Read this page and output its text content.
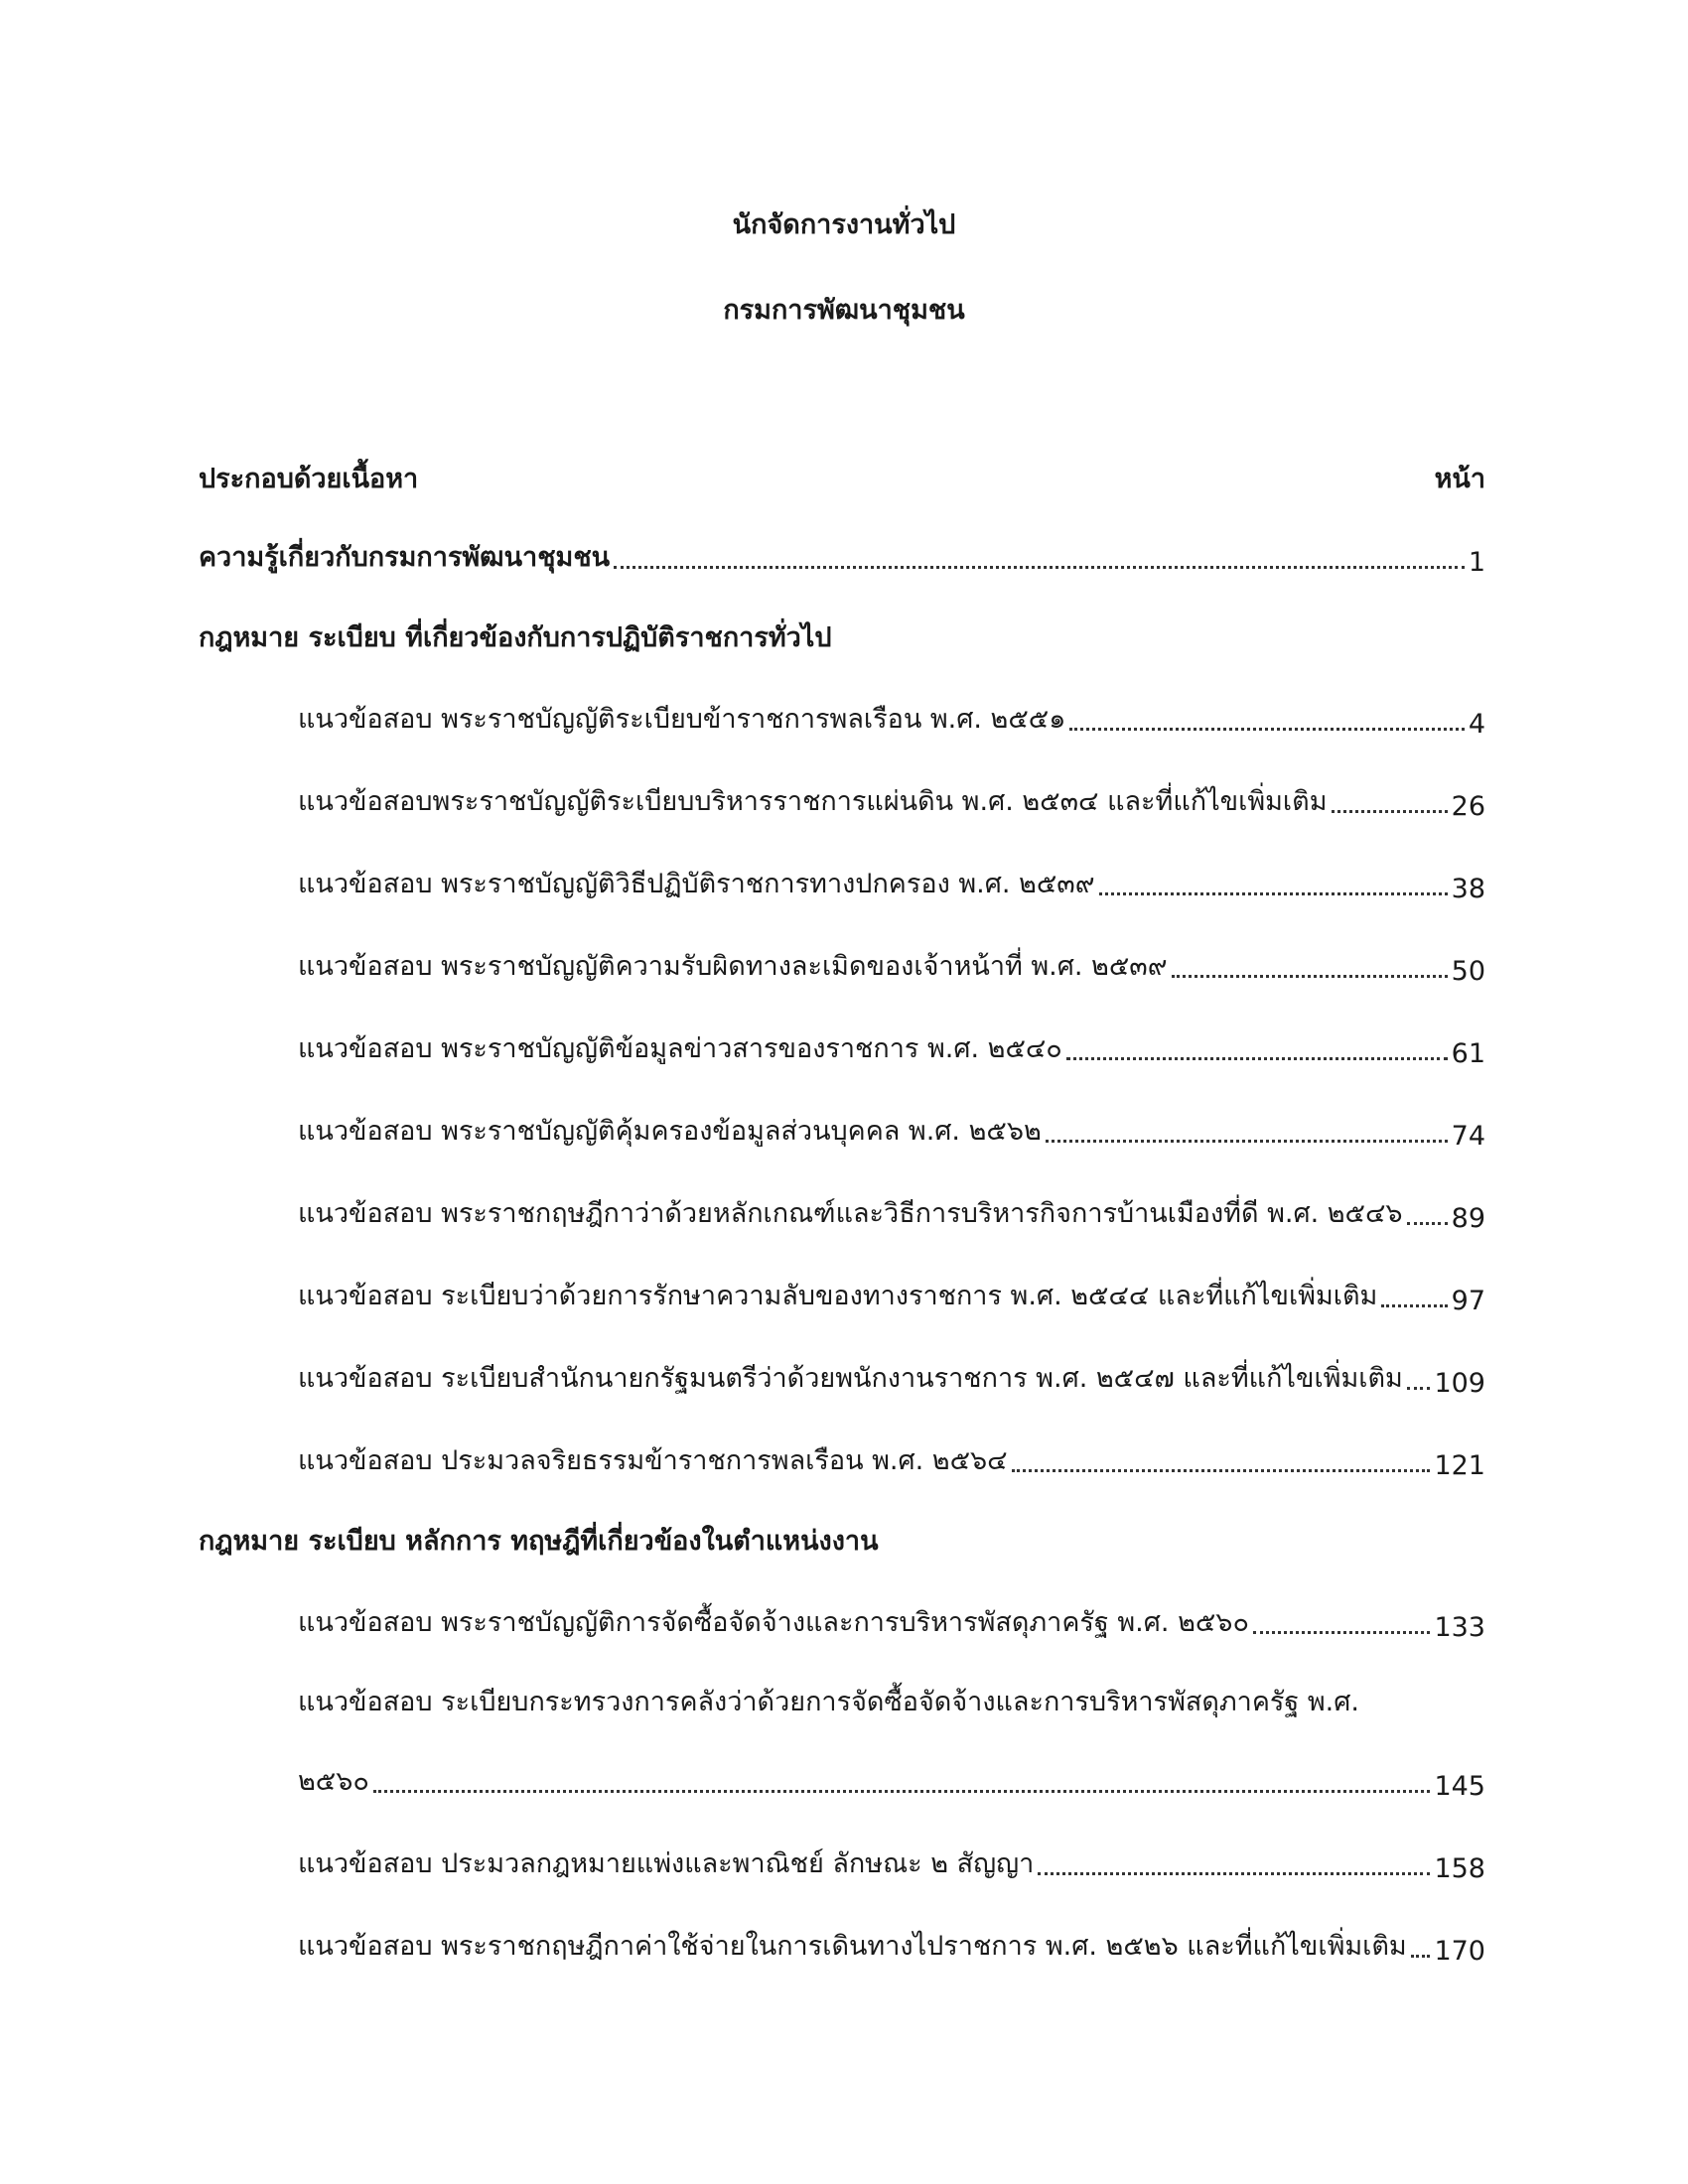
นักจัดการงานทั่วไป
กรมการพัฒนาชุมชน
ประกอบด้วยเนื้อหา	หน้า
ความรู้เกี่ยวกับกรมการพัฒนาชุมชน	1
กฎหมาย ระเบียบ ที่เกี่ยวข้องกับการปฏิบัติราชการทั่วไป
แนวข้อสอบ พระราชบัญญัติระเบียบข้าราชการพลเรือน พ.ศ. ๒๕๕๑	4
แนวข้อสอบพระราชบัญญัติระเบียบบริหารราชการแผ่นดิน พ.ศ. ๒๕๓๔ และที่แก้ไขเพิ่มเติม	26
แนวข้อสอบ พระราชบัญญัติวิธีปฏิบัติราชการทางปกครอง พ.ศ. ๒๕๓๙	38
แนวข้อสอบ พระราชบัญญัติความรับผิดทางละเมิดของเจ้าหน้าที่ พ.ศ. ๒๕๓๙	50
แนวข้อสอบ พระราชบัญญัติข้อมูลข่าวสารของราชการ พ.ศ. ๒๕๔๐	61
แนวข้อสอบ พระราชบัญญัติคุ้มครองข้อมูลส่วนบุคคล พ.ศ. ๒๕๖๒	74
แนวข้อสอบ พระราชกฤษฎีกาว่าด้วยหลักเกณฑ์และวิธีการบริหารกิจการบ้านเมืองที่ดี พ.ศ. ๒๕๔๖ 89
แนวข้อสอบ ระเบียบว่าด้วยการรักษาความลับของทางราชการ พ.ศ. ๒๕๔๔ และที่แก้ไขเพิ่มเติม	97
แนวข้อสอบ ระเบียบสำนักนายกรัฐมนตรีว่าด้วยพนักงานราชการ พ.ศ. ๒๕๔๗ และที่แก้ไขเพิ่มเติม 109
แนวข้อสอบ ประมวลจริยธรรมข้าราชการพลเรือน พ.ศ. ๒๕๖๔	121
กฎหมาย ระเบียบ หลักการ ทฤษฎีที่เกี่ยวข้องในตำแหน่งงาน
แนวข้อสอบ พระราชบัญญัติการจัดซื้อจัดจ้างและการบริหารพัสดุภาครัฐ พ.ศ. ๒๕๖๐	133
แนวข้อสอบ ระเบียบกระทรวงการคลังว่าด้วยการจัดซื้อจัดจ้างและการบริหารพัสดุภาครัฐ พ.ศ.
๒๕๖๐	145
แนวข้อสอบ ประมวลกฎหมายแพ่งและพาณิชย์ ลักษณะ ๒ สัญญา	158
แนวข้อสอบ พระราชกฤษฎีกาค่าใช้จ่ายในการเดินทางไปราชการ พ.ศ. ๒๕๒๖ และที่แก้ไขเพิ่มเติม 170
